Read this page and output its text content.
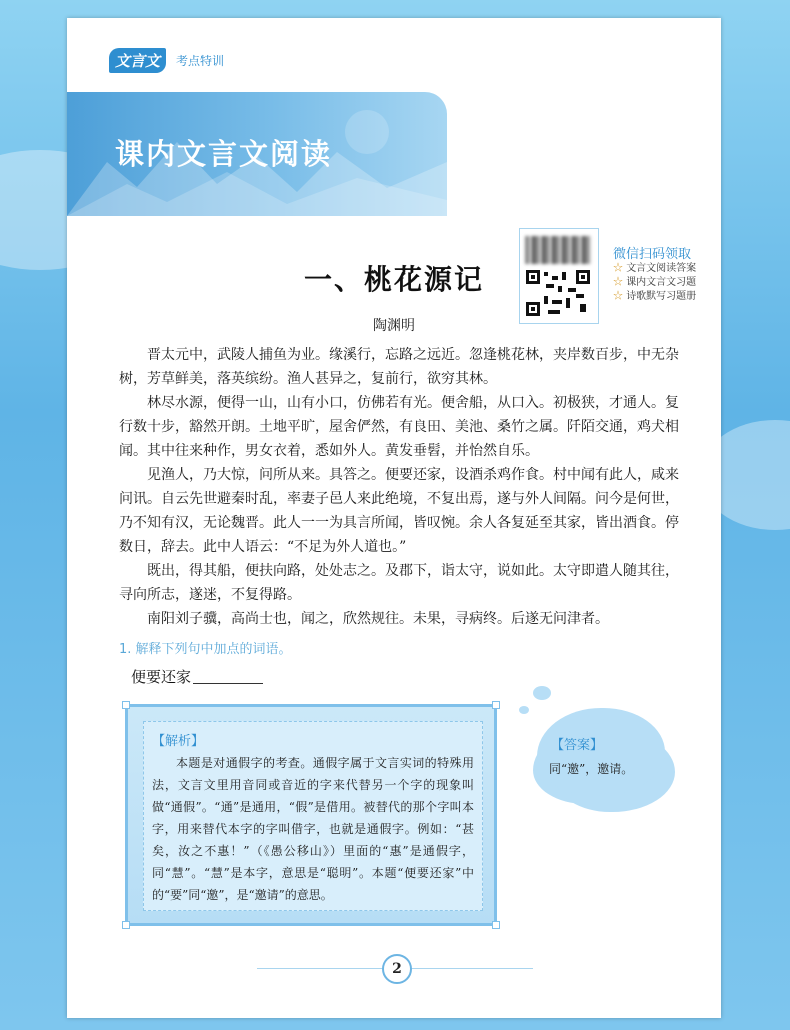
文言文	考点特训
课内文言文阅读
微信扫码领取
☆ 文言文阅读答案
☆ 课内文言文习题
☆ 诗歌默写习题册
一、桃花源记
陶渊明

晋太元中，武陵人捕鱼为业。缘溪行，忘路之远近。忽逢桃花林，夹岸数百步，中无杂树，芳草鲜美，落英缤纷。渔人甚异之，复前行，欲穷其林。

林尽水源，便得一山，山有小口，仿佛若有光。便舍船，从口入。初极狭，才通人。复行数十步，豁然开朗。土地平旷，屋舍俨然，有良田、美池、桑竹之属。阡陌交通，鸡犬相闻。其中往来种作，男女衣着，悉如外人。黄发垂髫，并怡然自乐。

见渔人，乃大惊，问所从来。具答之。便要还家，设酒杀鸡作食。村中闻有此人，咸来问讯。自云先世避秦时乱，率妻子邑人来此绝境，不复出焉，遂与外人间隔。问今是何世，乃不知有汉，无论魏晋。此人一一为具言所闻，皆叹惋。余人各复延至其家，皆出酒食。停数日，辞去。此中人语云：“不足为外人道也。”

既出，得其船，便扶向路，处处志之。及郡下，诣太守，说如此。太守即遣人随其往，寻向所志，遂迷，不复得路。

南阳刘子骥，高尚士也，闻之，欣然规往。未果，寻病终。后遂无问津者。

1. 解释下列句中加点的词语。
便要还家
【解析】

本题是对通假字的考查。通假字属于文言实词的特殊用法，文言文里用音同或音近的字来代替另一个字的现象叫做“通假”。“通”是通用，“假”是借用。被替代的那个字叫本字，用来替代本字的字叫借字，也就是通假字。例如：“甚矣，汝之不惠！”（《愚公移山》）里面的“惠”是通假字，同“慧”。“慧”是本字，意思是“聪明”。本题“便要还家”中的“要”同“邀”，是“邀请”的意思。

【答案】
同“邀”，邀请。
2
